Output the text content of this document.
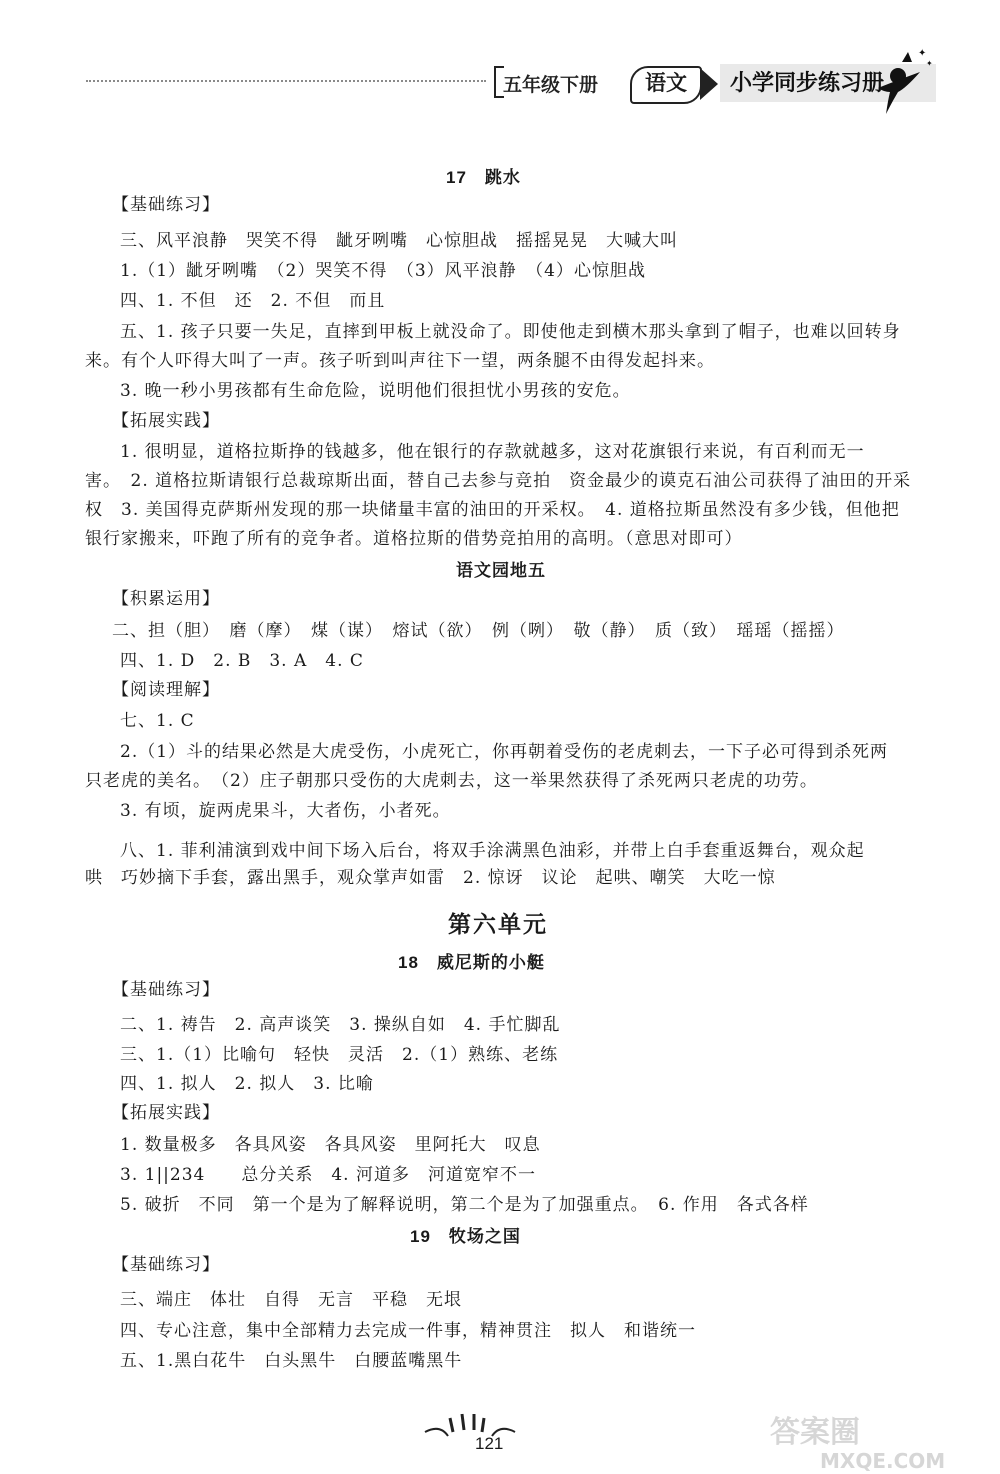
五年级下册	语文	小学同步练习册
✦
✦
17　跳水
【基础练习】
三、风平浪静　哭笑不得　龇牙咧嘴　心惊胆战　摇摇晃晃　大喊大叫
1.（1）龇牙咧嘴　（2）哭笑不得　（3）风平浪静　（4）心惊胆战
四、1. 不但　还　2. 不但　而且
五、1. 孩子只要一失足，直摔到甲板上就没命了。即使他走到横木那头拿到了帽子，也难以回转身
来。有个人吓得大叫了一声。孩子听到叫声往下一望，两条腿不由得发起抖来。
3. 晚一秒小男孩都有生命危险，说明他们很担忧小男孩的安危。
【拓展实践】
1. 很明显，道格拉斯挣的钱越多，他在银行的存款就越多，这对花旗银行来说，有百利而无一
害。　2. 道格拉斯请银行总裁琼斯出面，替自己去参与竞拍　资金最少的谟克石油公司获得了油田的开采
权　3. 美国得克萨斯州发现的那一块储量丰富的油田的开采权。　4. 道格拉斯虽然没有多少钱，但他把
银行家搬来，吓跑了所有的竞争者。道格拉斯的借势竞拍用的高明。（意思对即可）
语文园地五
【积累运用】
二、担（胆）　磨（摩）　煤（谋）　熔试（欲）　例（咧）　敬（静）　质（致）　瑶瑶（摇摇）
四、1. D　2. B　3. A　4. C
【阅读理解】
七、1. C
2.（1）斗的结果必然是大虎受伤，小虎死亡，你再朝着受伤的老虎刺去，一下子必可得到杀死两
只老虎的美名。　（2）庄子朝那只受伤的大虎刺去，这一举果然获得了杀死两只老虎的功劳。
3. 有顷，旋两虎果斗，大者伤，小者死。
八、1. 菲利浦演到戏中间下场入后台，将双手涂满黑色油彩，并带上白手套重返舞台，观众起
哄　巧妙摘下手套，露出黑手，观众掌声如雷　2. 惊讶　议论　起哄、嘲笑　大吃一惊
第六单元
18　威尼斯的小艇
【基础练习】
二、1. 祷告　2. 高声谈笑　3. 操纵自如　4. 手忙脚乱
三、1.（1）比喻句　轻快　灵活　2.（1）熟练、老练
四、1. 拟人　2. 拟人　3. 比喻
【拓展实践】
1. 数量极多　各具风姿　各具风姿　里阿托大　叹息
3. 1||234　　总分关系　4. 河道多　河道宽窄不一
5. 破折　不同　第一个是为了解释说明，第二个是为了加强重点。　6. 作用　各式各样
19　牧场之国
【基础练习】
三、端庄　体壮　自得　无言　平稳　无垠
四、专心注意，集中全部精力去完成一件事，精神贯注　拟人　和谐统一
五、1.黑白花牛　白头黑牛　白腰蓝嘴黑牛
121	答案圈
MXQE.COM
